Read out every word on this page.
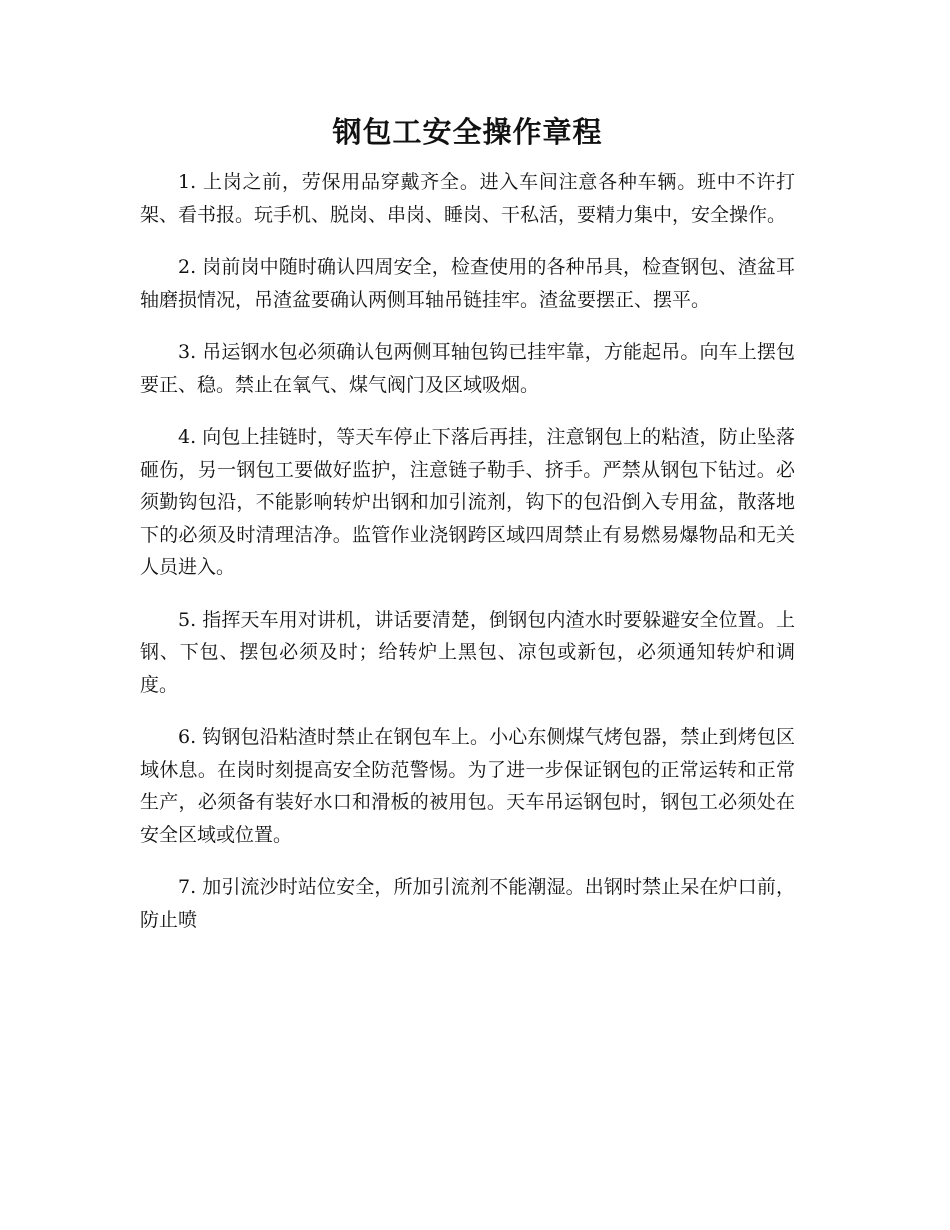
钢包工安全操作章程

1. 上岗之前，劳保用品穿戴齐全。进入车间注意各种车辆。班中不许打架、看书报。玩手机、脱岗、串岗、睡岗、干私活，要精力集中，安全操作。

2. 岗前岗中随时确认四周安全，检查使用的各种吊具，检查钢包、渣盆耳轴磨损情况，吊渣盆要确认两侧耳轴吊链挂牢。渣盆要摆正、摆平。

3. 吊运钢水包必须确认包两侧耳轴包钩已挂牢靠，方能起吊。向车上摆包要正、稳。禁止在氧气、煤气阀门及区域吸烟。

4. 向包上挂链时，等天车停止下落后再挂，注意钢包上的粘渣，防止坠落砸伤，另一钢包工要做好监护，注意链子勒手、挤手。严禁从钢包下钻过。必须勤钩包沿，不能影响转炉出钢和加引流剂，钩下的包沿倒入专用盆，散落地下的必须及时清理洁净。监管作业浇钢跨区域四周禁止有易燃易爆物品和无关人员进入。

5. 指挥天车用对讲机，讲话要清楚，倒钢包内渣水时要躲避安全位置。上钢、下包、摆包必须及时；给转炉上黑包、凉包或新包，必须通知转炉和调度。

6. 钩钢包沿粘渣时禁止在钢包车上。小心东侧煤气烤包器，禁止到烤包区域休息。在岗时刻提高安全防范警惕。为了进一步保证钢包的正常运转和正常生产，必须备有装好水口和滑板的被用包。天车吊运钢包时，钢包工必须处在安全区域或位置。

7. 加引流沙时站位安全，所加引流剂不能潮湿。出钢时禁止呆在炉口前，防止喷
